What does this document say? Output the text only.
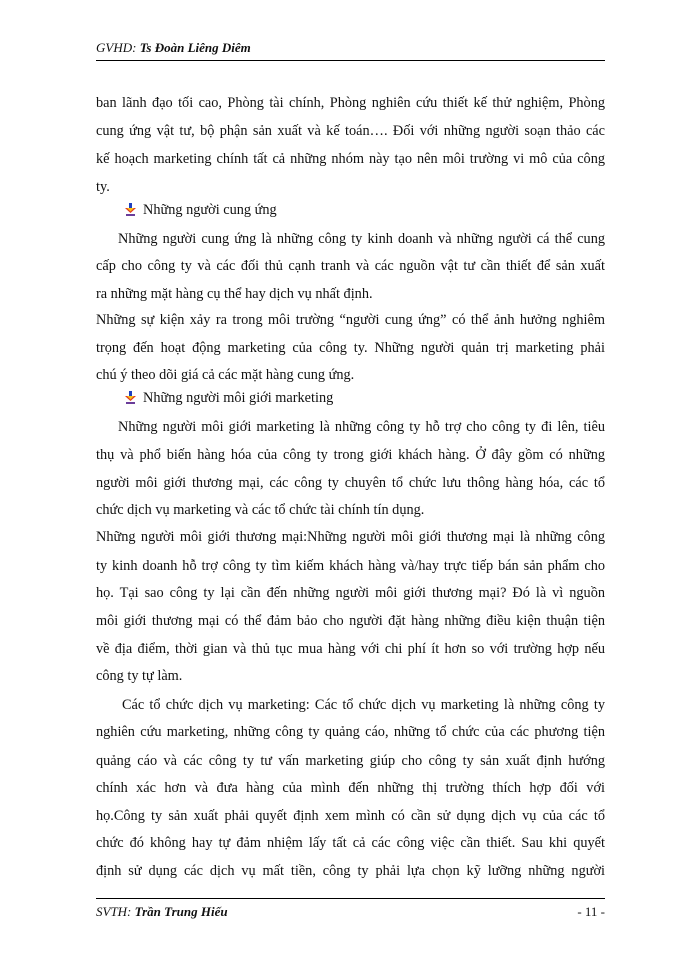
GVHD: Ts Đoàn Liêng Diêm
ban lãnh đạo tối cao, Phòng tài chính, Phòng nghiên cứu thiết kế thử nghiệm, Phòng
cung ứng vật tư, bộ phận sản xuất và kế toán…. Đối với những người soạn thảo các
kế hoạch marketing chính tất cả những nhóm này tạo nên môi trường vi mô của công
ty.
Những người cung ứng
Những người cung ứng là những công ty kinh doanh và những người cá thể cung
cấp cho công ty và các đối thủ cạnh tranh và các nguồn vật tư cần thiết để sản xuất
ra những mặt hàng cụ thể hay dịch vụ nhất định.
Những sự kiện xảy ra trong môi trường “người cung ứng” có thể ảnh hưởng nghiêm
trọng đến hoạt động marketing của công ty. Những người quản trị marketing phải
chú ý theo dõi giá cả các mặt hàng cung ứng.
Những người môi giới marketing
Những người môi giới marketing là những công ty hỗ trợ cho công ty đi lên, tiêu
thụ và phổ biến hàng hóa của công ty trong giới khách hàng. Ở đây gồm có những
người môi giới thương mại, các công ty chuyên tổ chức lưu thông hàng hóa, các tổ
chức dịch vụ marketing và các tổ chức tài chính tín dụng.
Những người môi giới thương mại:Những người môi giới thương mại là những công
ty kinh doanh hỗ trợ công ty tìm kiếm khách hàng và/hay trực tiếp bán sản phẩm cho
họ. Tại sao công ty lại cần đến những người môi giới thương mại? Đó là vì nguồn
môi giới thương mại có thể đảm bảo cho người đặt hàng những điều kiện thuận tiện
về địa điểm, thời gian và thủ tục mua hàng với chi phí ít hơn so với trường hợp nếu
công ty tự làm.
Các tổ chức dịch vụ marketing: Các tổ chức dịch vụ marketing là những công ty
nghiên cứu marketing, những công ty quảng cáo, những tổ chức của các phương tiện
quảng cáo và các công ty tư vấn marketing giúp cho công ty sản xuất định hướng
chính xác hơn và đưa hàng của mình đến những thị trường thích hợp đối với
họ.Công ty sản xuất phải quyết định xem mình có cần sử dụng dịch vụ của các tổ
chức đó không hay tự đảm nhiệm lấy tất cả các công việc cần thiết. Sau khi quyết
định sử dụng các dịch vụ mất tiền, công ty phải lựa chọn kỹ lưỡng những người
SVTH: Trần Trung Hiếu	- 11 -
